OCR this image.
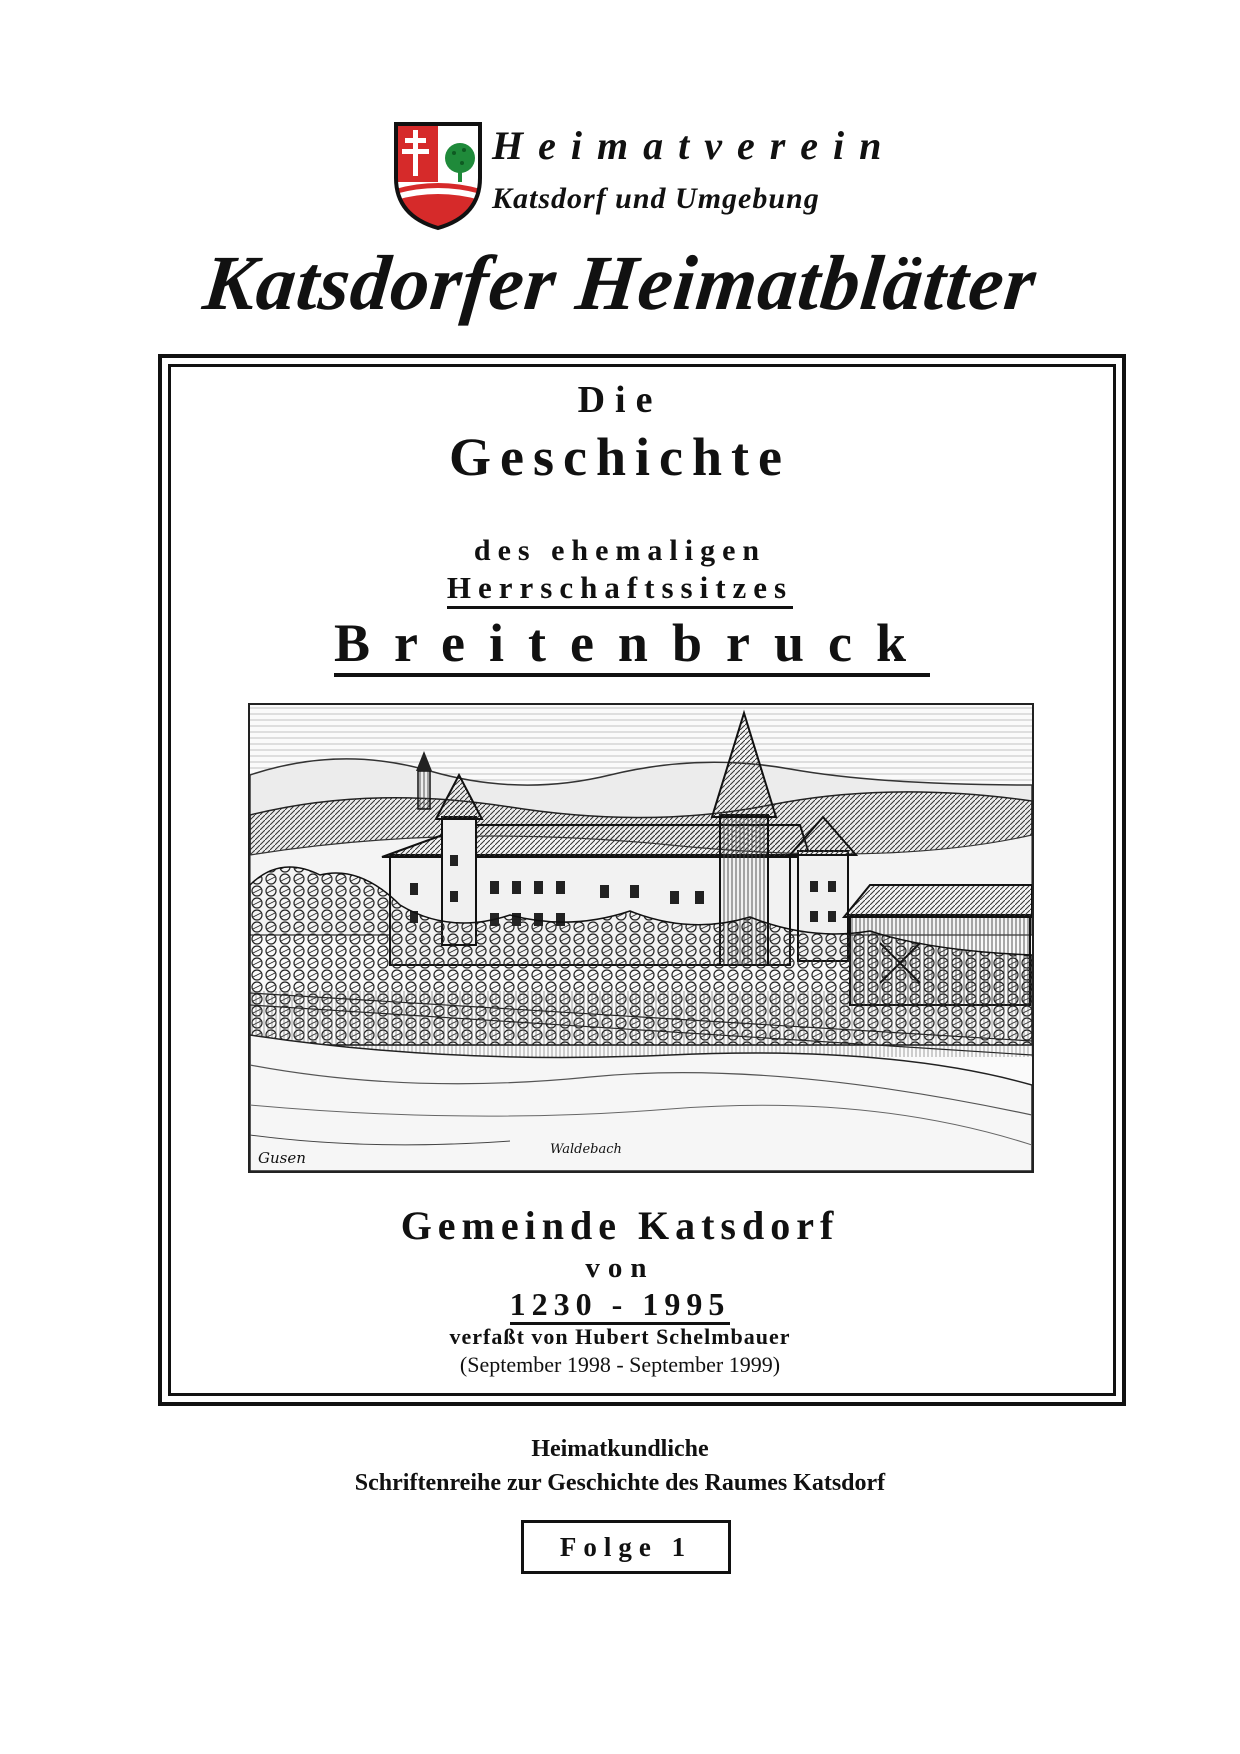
Heimatverein
Katsdorf und Umgebung
Katsdorfer Heimatblätter
Die
Geschichte
des ehemaligen
Herrschaftssitzes
Breitenbruck
Gusen	Waldebach
Gemeinde Katsdorf
von
1230 - 1995
verfaßt von Hubert Schelmbauer
(September 1998 - September 1999)
Heimatkundliche
Schriftenreihe zur Geschichte des Raumes Katsdorf
Folge 1
